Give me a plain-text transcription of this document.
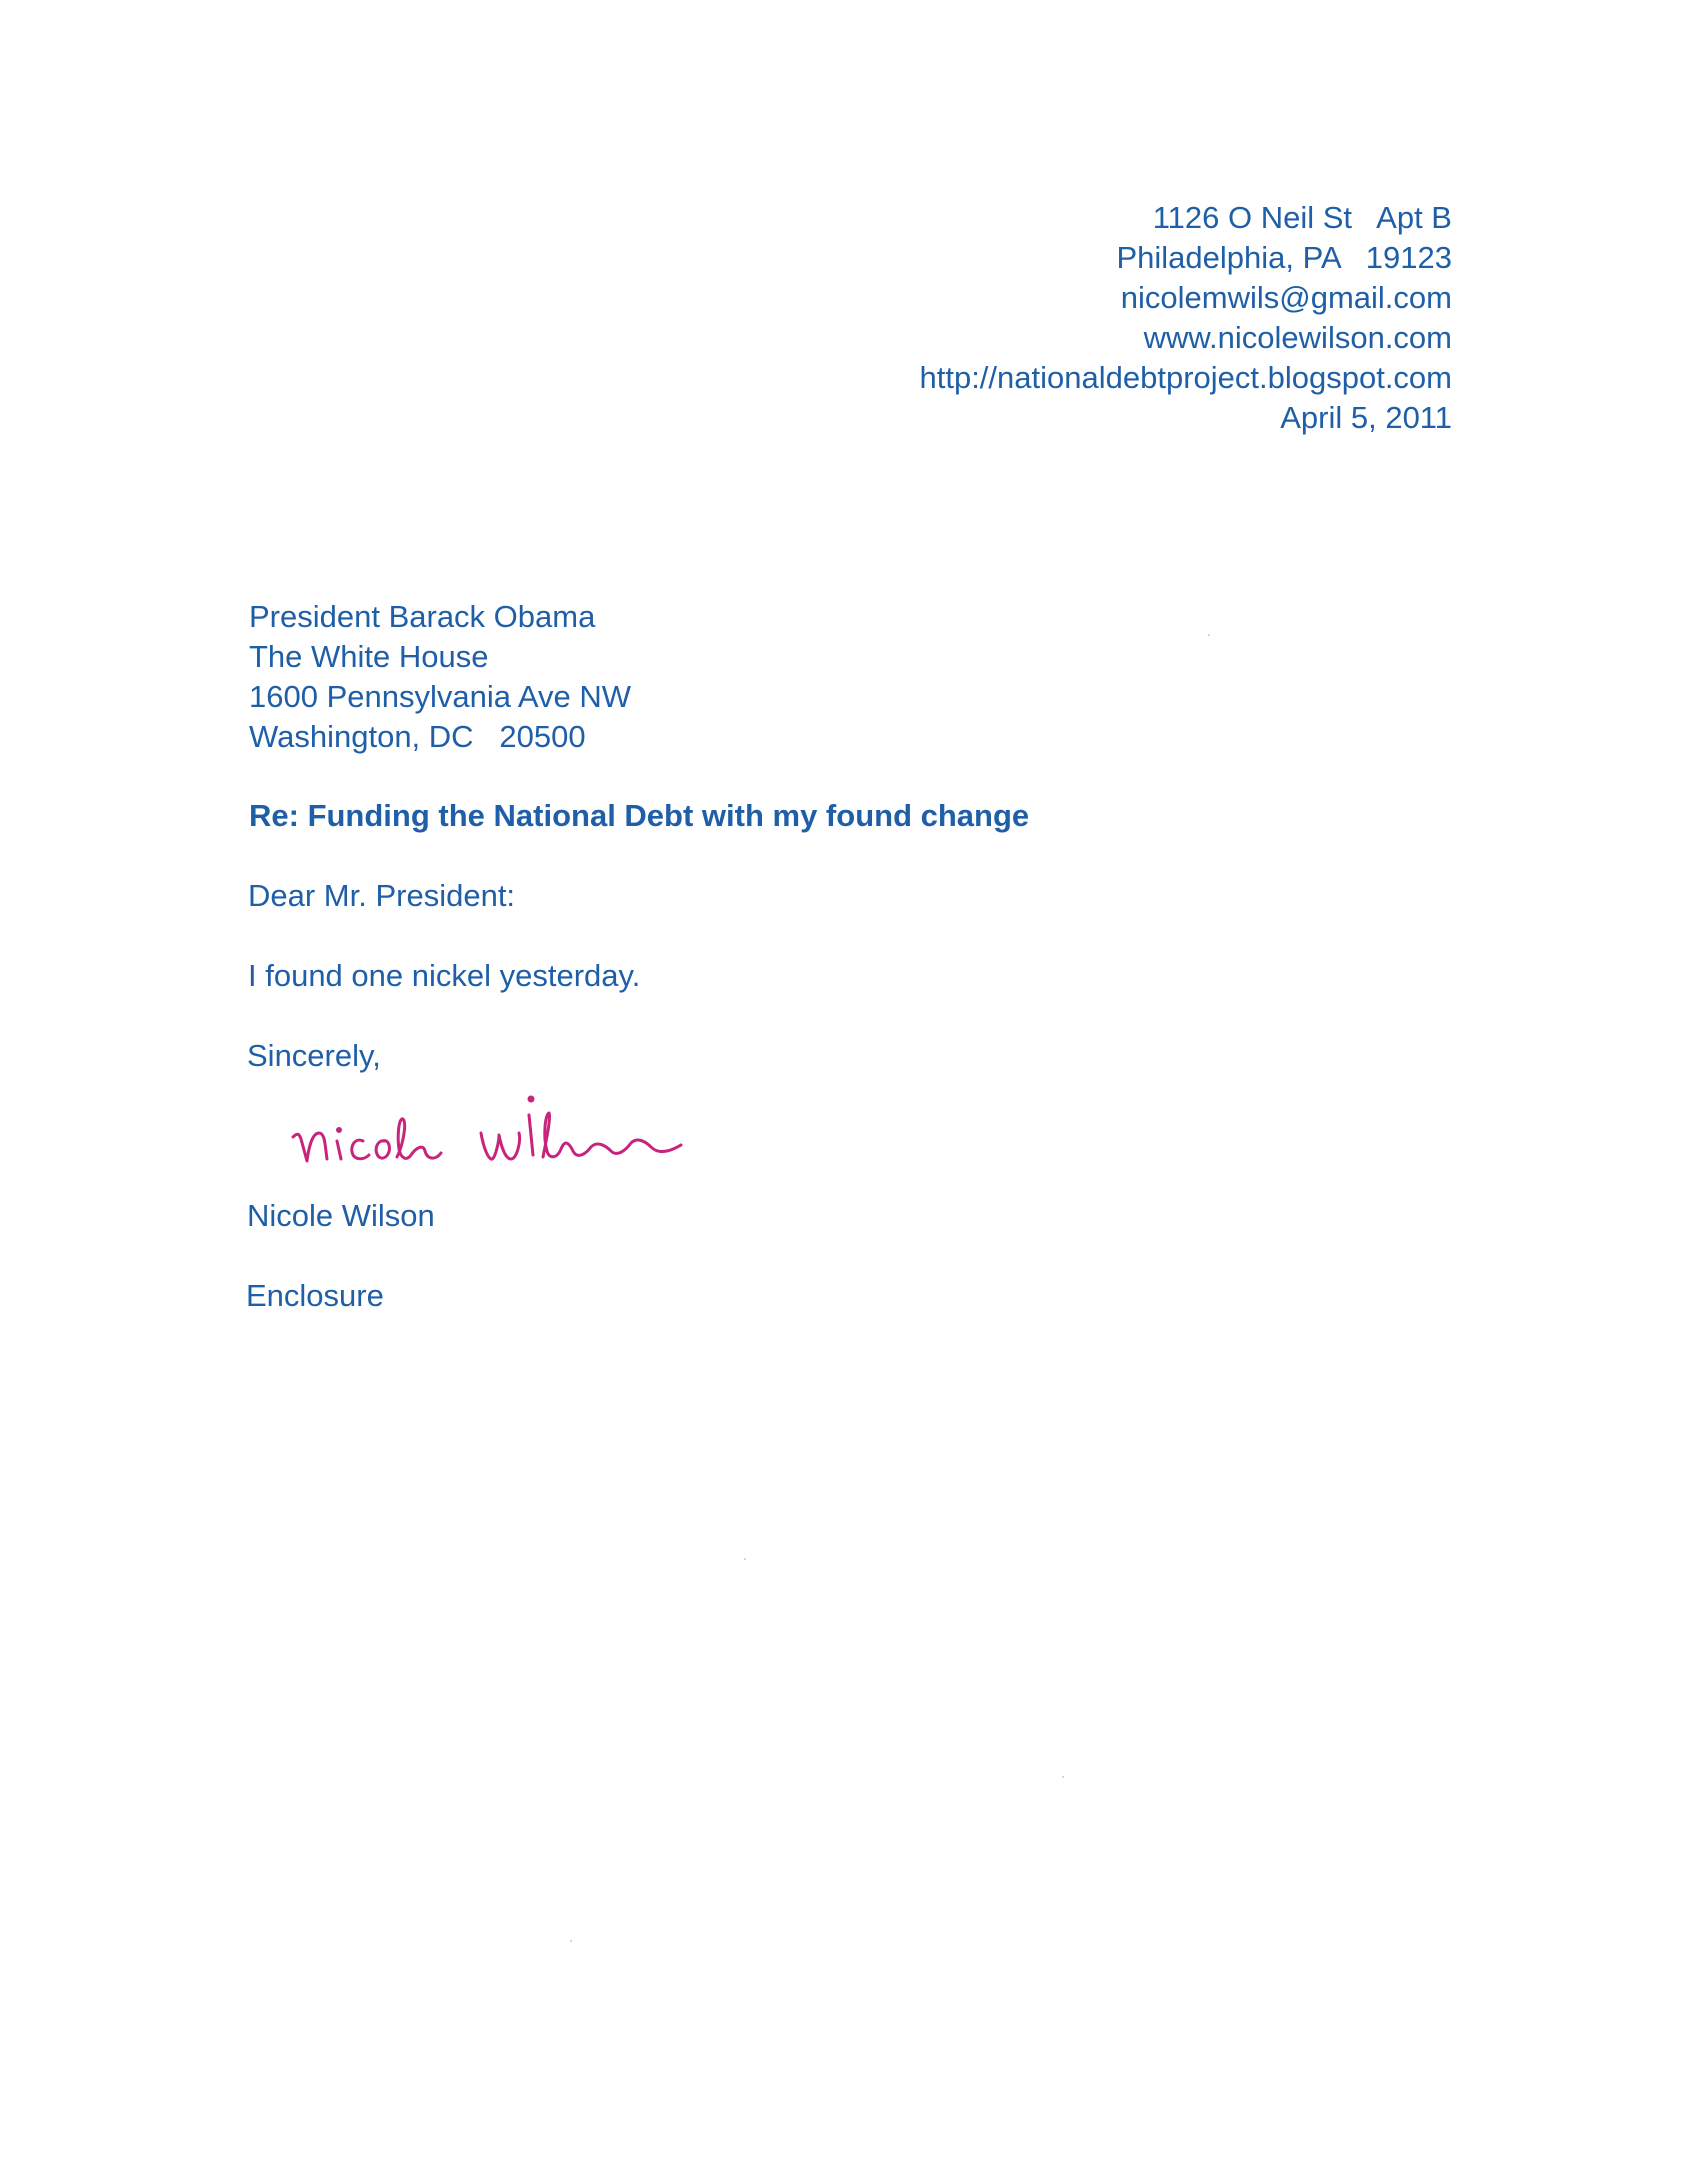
1126 O Neil St   Apt B
Philadelphia, PA   19123
nicolemwils@gmail.com
www.nicolewilson.com
http://nationaldebtproject.blogspot.com
April 5, 2011
President Barack Obama
The White House
1600 Pennsylvania Ave NW
Washington, DC   20500
Re: Funding the National Debt with my found change
Dear Mr. President:
I found one nickel yesterday.
Sincerely,
Nicole Wilson
Enclosure
